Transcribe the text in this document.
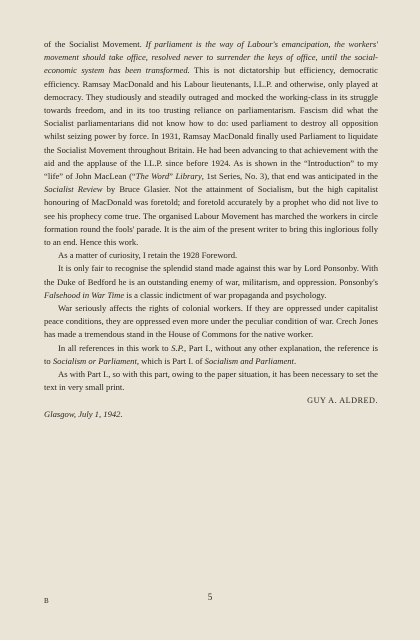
of the Socialist Movement. If parliament is the way of Labour's emancipation, the workers' movement should take office, resolved never to surrender the keys of office, until the social-economic system has been transformed. This is not dictatorship but efficiency, democratic efficiency. Ramsay MacDonald and his Labour lieutenants, I.L.P. and otherwise, only played at democracy. They studiously and steadily outraged and mocked the working-class in its struggle towards freedom, and in its too trusting reliance on parliamentarism. Fascism did what the Socialist parliamentarians did not know how to do: used parliament to destroy all opposition whilst seizing power by force. In 1931, Ramsay MacDonald finally used Parliament to liquidate the Socialist Movement throughout Britain. He had been advancing to that achievement with the aid and the applause of the I.L.P. since before 1924. As is shown in the “Introduction” to my “life” of John MacLean (“The Word” Library, 1st Series, No. 3), that end was anticipated in the Socialist Review by Bruce Glasier. Not the attainment of Socialism, but the high capitalist honouring of MacDonald was foretold; and foretold accurately by a prophet who did not live to see his prophecy come true. The organised Labour Movement has marched the workers in circle formation round the fools' parade. It is the aim of the present writer to bring this inglorious folly to an end. Hence this work.

As a matter of curiosity, I retain the 1928 Foreword.

It is only fair to recognise the splendid stand made against this war by Lord Ponsonby. With the Duke of Bedford he is an outstanding enemy of war, militarism, and oppression. Ponsonby's Falsehood in War Time is a classic indictment of war propaganda and psychology.

War seriously affects the rights of colonial workers. If they are oppressed under capitalist peace conditions, they are oppressed even more under the peculiar condition of war. Crech Jones has made a tremendous stand in the House of Commons for the native worker.

In all references in this work to S.P., Part I., without any other explanation, the reference is to Socialism or Parliament, which is Part I. of Socialism and Parliament.

As with Part I., so with this part, owing to the paper situation, it has been necessary to set the text in very small print.

GUY A. ALDRED.

Glasgow, July 1, 1942.

5
B
